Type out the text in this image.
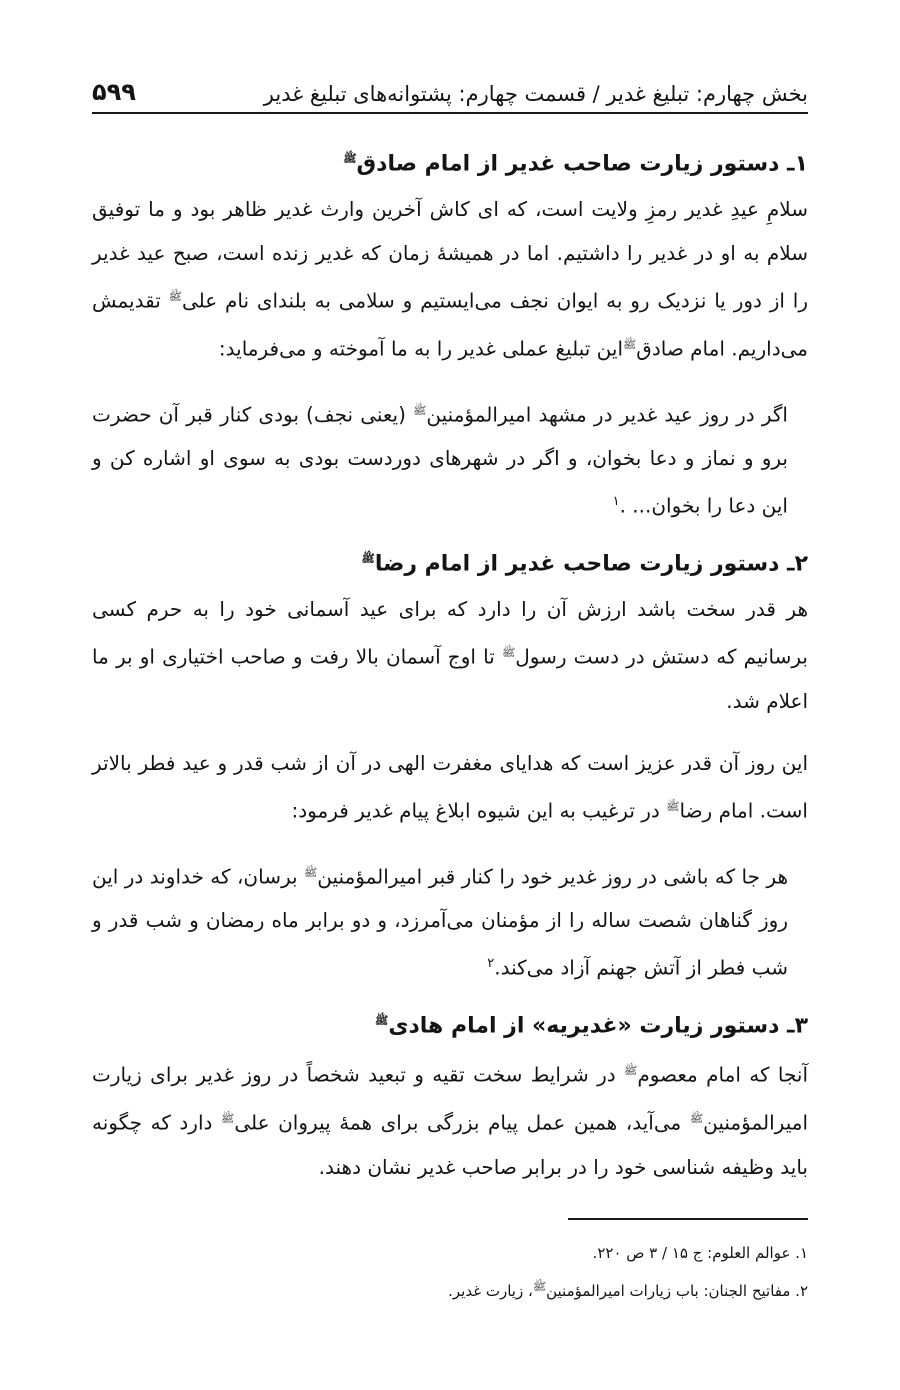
بخش چهارم: تبلیغ غدیر / قسمت چهارم: پشتوانه‌های تبلیغ غدیر
۵۹۹
۱ـ دستور زیارت صاحب غدیر از امام صادق$^ﷺ$

سلامِ عیدِ غدیر رمزِ ولایت است، که ای کاش آخرین وارث غدیر ظاهر بود و ما توفیق سلام به او در غدیر را داشتیم. اما در همیشهٔ زمان که غدیر زنده است، صبح عید غدیر را از دور یا نزدیک رو به ایوان نجف می‌ایستیم و سلامی به بلندای نام علی$^ﷺ$ تقدیمش می‌داریم. امام صادق$^ﷺ$این تبلیغ عملی غدیر را به ما آموخته و می‌فرماید:

اگر در روز عید غدیر در مشهد امیرالمؤمنین$^ﷺ$ (یعنی نجف) بودی کنار قبر آن حضرت برو و نماز و دعا بخوان، و اگر در شهرهای دوردست بودی به سوی او اشاره کن و این دعا را بخوان... .$^۱$

۲ـ دستور زیارت صاحب غدیر از امام رضا$^ﷺ$

هر قدر سخت باشد ارزش آن را دارد که برای عید آسمانی خود را به حرم کسی برسانیم که دستش در دست رسول$^ﷺ$ تا اوج آسمان بالا رفت و صاحب اختیاری او بر ما اعلام شد.

این روز آن قدر عزیز است که هدایای مغفرت الهی در آن از شب قدر و عید فطر بالاتر است. امام رضا$^ﷺ$ در ترغیب به این شیوه ابلاغ پیام غدیر فرمود:

هر جا که باشی در روز غدیر خود را کنار قبر امیرالمؤمنین$^ﷺ$ برسان، که خداوند در این روز گناهان شصت ساله را از مؤمنان می‌آمرزد، و دو برابر ماه رمضان و شب قدر و شب فطر از آتش جهنم آزاد می‌کند.$^۲$

۳ـ دستور زیارت «غدیریه» از امام هادی$^ﷺ$

آنجا که امام معصوم$^ﷺ$ در شرایط سخت تقیه و تبعید شخصاً در روز غدیر برای زیارت امیرالمؤمنین$^ﷺ$ می‌آید، همین عمل پیام بزرگی برای همهٔ پیروان علی$^ﷺ$ دارد که چگونه باید وظیفه شناسی خود را در برابر صاحب غدیر نشان دهند.

۱. عوالم العلوم: ج ۱۵ / ۳ ص ۲۲۰.
۲. مفاتیح الجنان: باب زیارات امیرالمؤمنین$^ﷺ$، زیارت غدیر.
